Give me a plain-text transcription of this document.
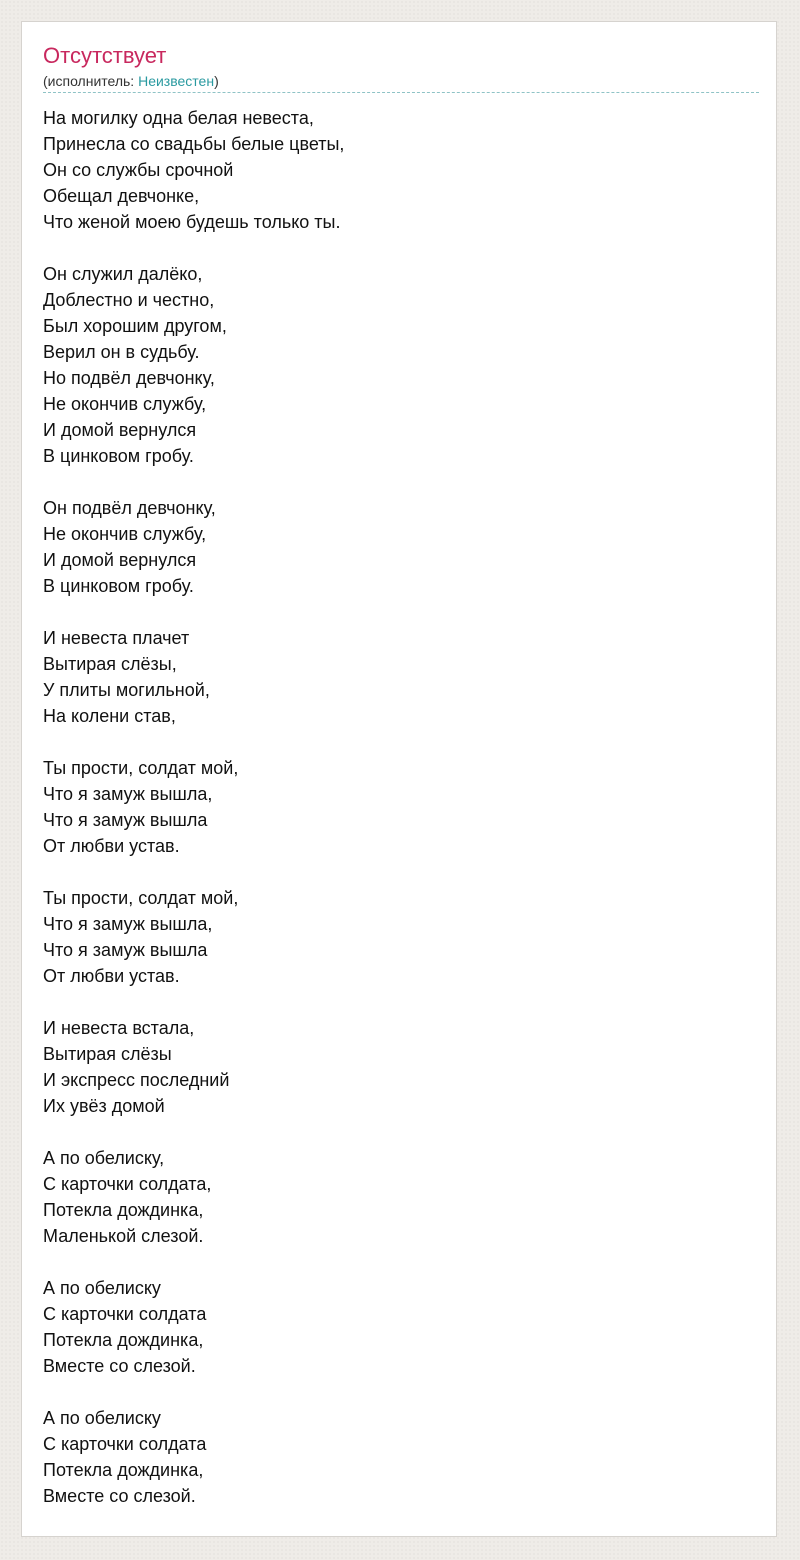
Отсутствует
(исполнитель: Неизвестен)
На могилку одна белая невеста,
Принесла со свадьбы белые цветы,
Он со службы срочной
Обещал девчонке,
Что женой моею будешь только ты.
Он служил далёко,
Доблестно и честно,
Был хорошим другом,
Верил он в судьбу.
Но подвёл девчонку,
Не окончив службу,
И домой вернулся
В цинковом гробу.
Он подвёл девчонку,
Не окончив службу,
И домой вернулся
В цинковом гробу.
И невеста плачет
Вытирая слёзы,
У плиты могильной,
На колени став,
Ты прости, солдат мой,
Что я замуж вышла,
Что я замуж вышла
От любви устав.
Ты прости, солдат мой,
Что я замуж вышла,
Что я замуж вышла
От любви устав.
И невеста встала,
Вытирая слёзы
И экспресс последний
Их увёз домой
А по обелиску,
С карточки солдата,
Потекла дождинка,
Маленькой слезой.
А по обелиску
С карточки солдата
Потекла дождинка,
Вместе со слезой.
А по обелиску
С карточки солдата
Потекла дождинка,
Вместе со слезой.
